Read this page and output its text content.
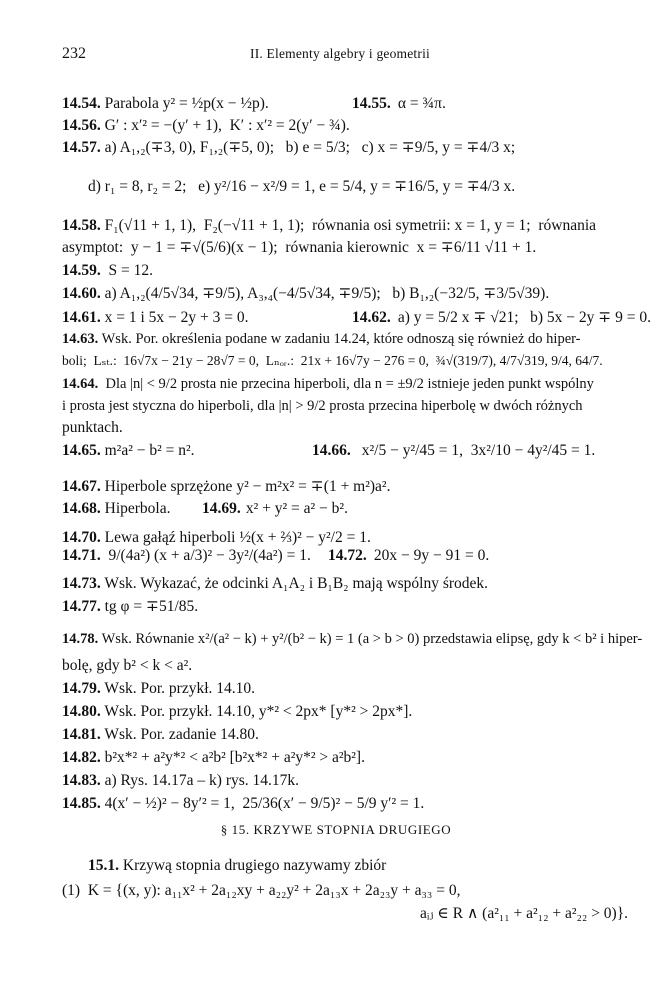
232	II. Elementy algebry i geometrii
14.54. Parabola y² = ½p(x − ½p).	14.55. α = ¾π.
14.56. G′ : x′² = −(y′ + 1),  K′ : x′² = 2(y′ − ¾).
14.57. a) A₁,₂(∓3, 0), F₁,₂(∓5, 0);   b) e = 5/3;   c) x = ∓9/5, y = ∓4/3 x;
d) r₁ = 8, r₂ = 2;   e) y²/16 − x²/9 = 1, e = 5/4, y = ∓16/5, y = ∓4/3 x.
14.58. F₁(√11 + 1, 1),  F₂(−√11 + 1, 1);  równania osi symetrii: x = 1, y = 1;  równania
asymptot:  y − 1 = ∓√(5/6)(x − 1);  równania kierownic  x = ∓6/11 √11 + 1.
14.59.  S = 12.
14.60. a) A₁,₂(4/5√34, ∓9/5), A₃,₄(−4/5√34, ∓9/5);   b) B₁,₂(−32/5, ∓3/5√39).
14.61. x = 1 i 5x − 2y + 3 = 0.	14.62. a) y = 5/2 x ∓ √21;   b) 5x − 2y ∓ 9 = 0.
14.63. Wsk. Por. określenia podane w zadaniu 14.24, które odnoszą się również do hiper-
boli;  Lₛₜ.:  16√7x − 21y − 28√7 = 0,  Lₙₒᵣ.:  21x + 16√7y − 276 = 0,  ¾√(319/7), 4/7√319, 9/4, 64/7.
14.64.  Dla |n| < 9/2 prosta nie przecina hiperboli, dla n = ±9/2 istnieje jeden punkt wspólny
i prosta jest styczna do hiperboli, dla |n| > 9/2 prosta przecina hiperbolę w dwóch różnych
punktach.
14.65. m²a² − b² = n².	14.66. x²/5 − y²/45 = 1,  3x²/10 − 4y²/45 = 1.
14.67. Hiperbole sprzężone y² − m²x² = ∓(1 + m²)a².
14.68. Hiperbola. 14.69. x² + y² = a² − b².
14.70. Lewa gałąź hiperboli ½(x + ⅔)² − y²/2 = 1.
14.71.  9/(4a²) (x + a/3)² − 3y²/(4a²) = 1. 14.72. 20x − 9y − 91 = 0.
14.73. Wsk. Wykazać, że odcinki A₁A₂ i B₁B₂ mają wspólny środek.
14.77. tg φ = ∓51/85.
14.78. Wsk. Równanie x²/(a² − k) + y²/(b² − k) = 1 (a > b > 0) przedstawia elipsę, gdy k < b² i hiper-
bolę, gdy b² < k < a².
14.79. Wsk. Por. przykł. 14.10.
14.80. Wsk. Por. przykł. 14.10, y*² < 2px* [y*² > 2px*].
14.81. Wsk. Por. zadanie 14.80.
14.82. b²x*² + a²y*² < a²b² [b²x*² + a²y*² > a²b²].
14.83. a) Rys. 14.17a – k) rys. 14.17k.
14.85. 4(x′ − ½)² − 8y′² = 1,  25/36(x′ − 9/5)² − 5/9 y′² = 1.
§ 15. KRZYWE STOPNIA DRUGIEGO
15.1. Krzywą stopnia drugiego nazywamy zbiór
(1)  K = {(x, y): a₁₁x² + 2a₁₂xy + a₂₂y² + 2a₁₃x + 2a₂₃y + a₃₃ = 0,
aᵢⱼ ∈ R ∧ (a²₁₁ + a²₁₂ + a²₂₂ > 0)}.
